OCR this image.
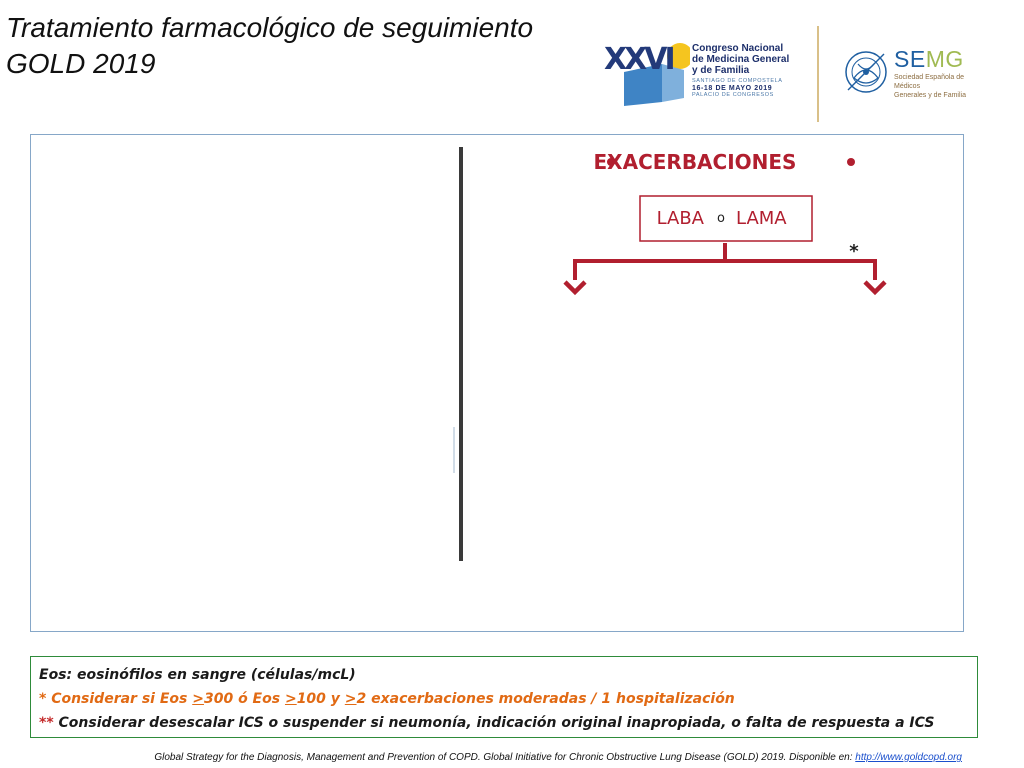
Tratamiento farmacológico de seguimiento
GOLD 2019	XXVI Congreso Nacional
de Medicina General
y de Familia
SANTIAGO DE COMPOSTELA
16-18 DE MAYO 2019
PALACIO DE CONGRESOS
SEMG
Sociedad Española de Médicos
Generales y de Familia
EXACERBACIONES
LABA o LAMA
*

Eos: eosinófilos en sangre (células/mcL)

* Considerar si Eos >300 ó Eos >100 y >2 exacerbaciones moderadas / 1 hospitalización

** Considerar desescalar ICS o suspender si neumonía, indicación original inapropiada, o falta de respuesta a ICS

Global Strategy for the Diagnosis, Management and Prevention of COPD. Global Initiative for Chronic Obstructive Lung Disease (GOLD) 2019. Disponible en: http://www.goldcopd.org
